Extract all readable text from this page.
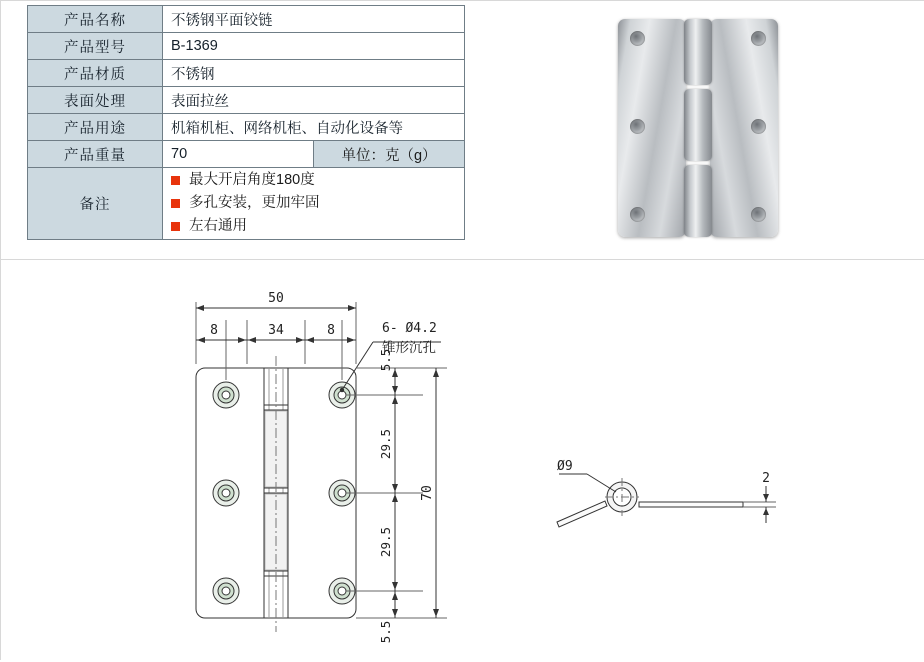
产品名称	不锈钢平面铰链	
产品型号	B-1369	
产品材质	不锈钢	
表面处理	表面拉丝	
产品用途	机箱机柜、网络机柜、自动化设备等	
产品重量	70	单位：克（g）
备注	最大开启角度180度
多孔安装，更加牢固
左右通用	
50
8	34	8	6- Ø4.2
锥形沉孔
5.5
29.5
29.5
5.5
70
Ø9
2
